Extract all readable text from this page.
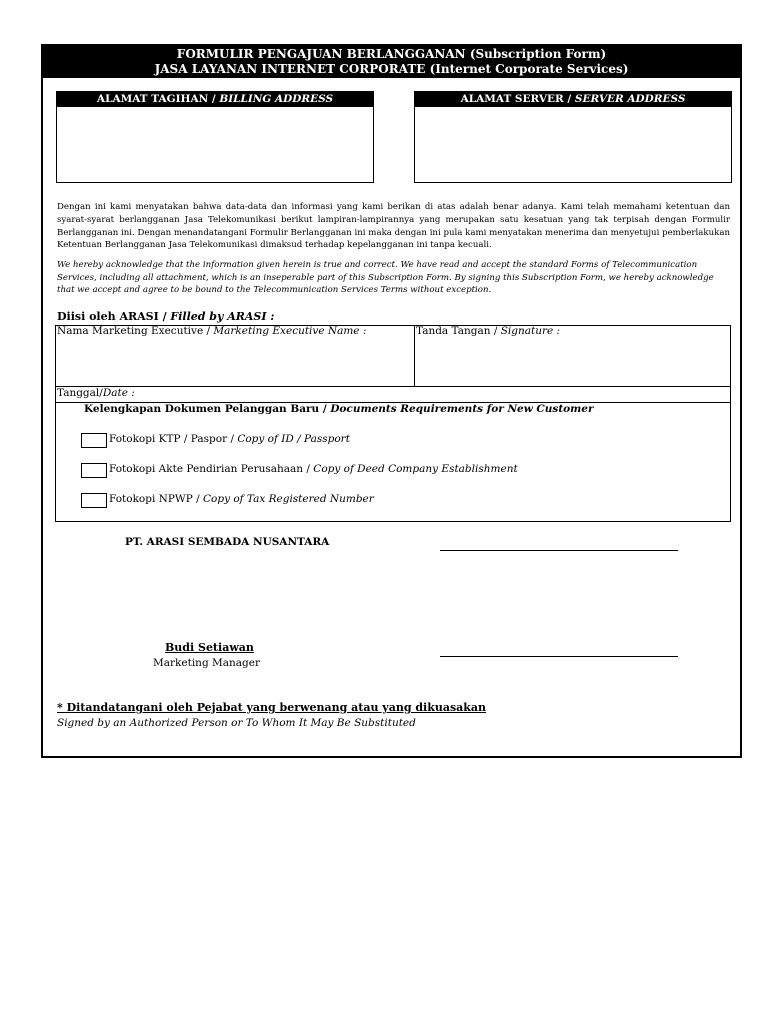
FORMULIR PENGAJUAN BERLANGGANAN (Subscription Form)
JASA LAYANAN INTERNET CORPORATE (Internet Corporate Services)
ALAMAT TAGIHAN / BILLING ADDRESS	ALAMAT SERVER / SERVER ADDRESS
Dengan ini kami menyatakan bahwa data-data dan informasi yang kami berikan di atas adalah benar adanya. Kami telah memahami ketentuan dan syarat-syarat berlangganan Jasa Telekomunikasi berikut lampiran-lampirannya yang merupakan satu kesatuan yang tak terpisah dengan Formulir Berlangganan ini. Dengan menandatangani Formulir Berlangganan ini maka dengan ini pula kami menyatakan menerima dan menyetujui pemberlakukan Ketentuan Berlangganan Jasa Telekomunikasi dimaksud terhadap kepelangganan ini tanpa kecuali.
We hereby acknowledge that the information given herein is true and correct. We have read and accept the standard Forms of Telecommunication Services, including all attachment, which is an inseperable part of this Subscription Form. By signing this Subscription Form, we hereby acknowledge that we accept and agree to be bound to the Telecommunication Services Terms without exception.
Diisi oleh ARASI / Filled by ARASI :
Nama Marketing Executive / Marketing Executive Name :	Tanda Tangan / Signature :
Tanggal/Date :
Kelengkapan Dokumen Pelanggan Baru / Documents Requirements for New Customer
Fotokopi KTP / Paspor / Copy of ID / Passport
Fotokopi Akte Pendirian Perusahaan / Copy of Deed Company Establishment
Fotokopi NPWP / Copy of Tax Registered Number
PT. ARASI SEMBADA NUSANTARA
Budi Setiawan
Marketing Manager
* Ditandatangani oleh Pejabat yang berwenang atau yang dikuasakan
Signed by an Authorized Person or To Whom It May Be Substituted
